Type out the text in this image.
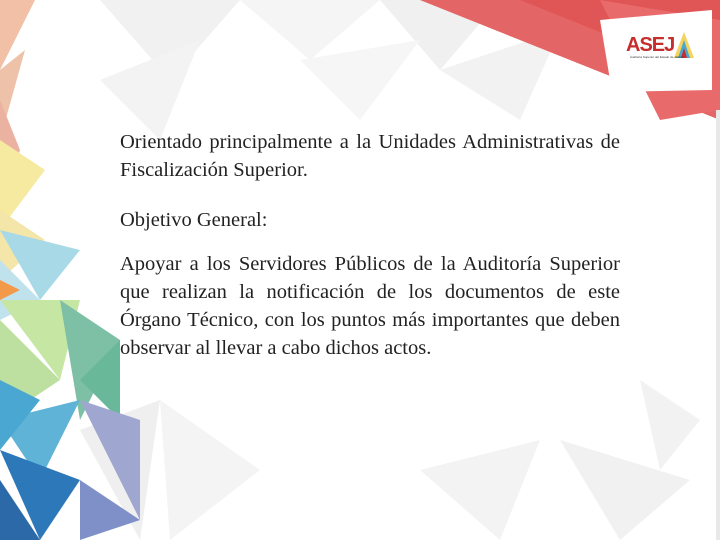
ASEJ
Auditoría Superior del Estado de Jalisco

Orientado principalmente a la Unidades Administrativas de Fiscalización Superior.

Objetivo General:

Apoyar a los Servidores Públicos de la Auditoría Superior que realizan la notificación de los documentos de este Órgano Técnico, con los puntos más importantes que deben observar al llevar a cabo dichos actos.
